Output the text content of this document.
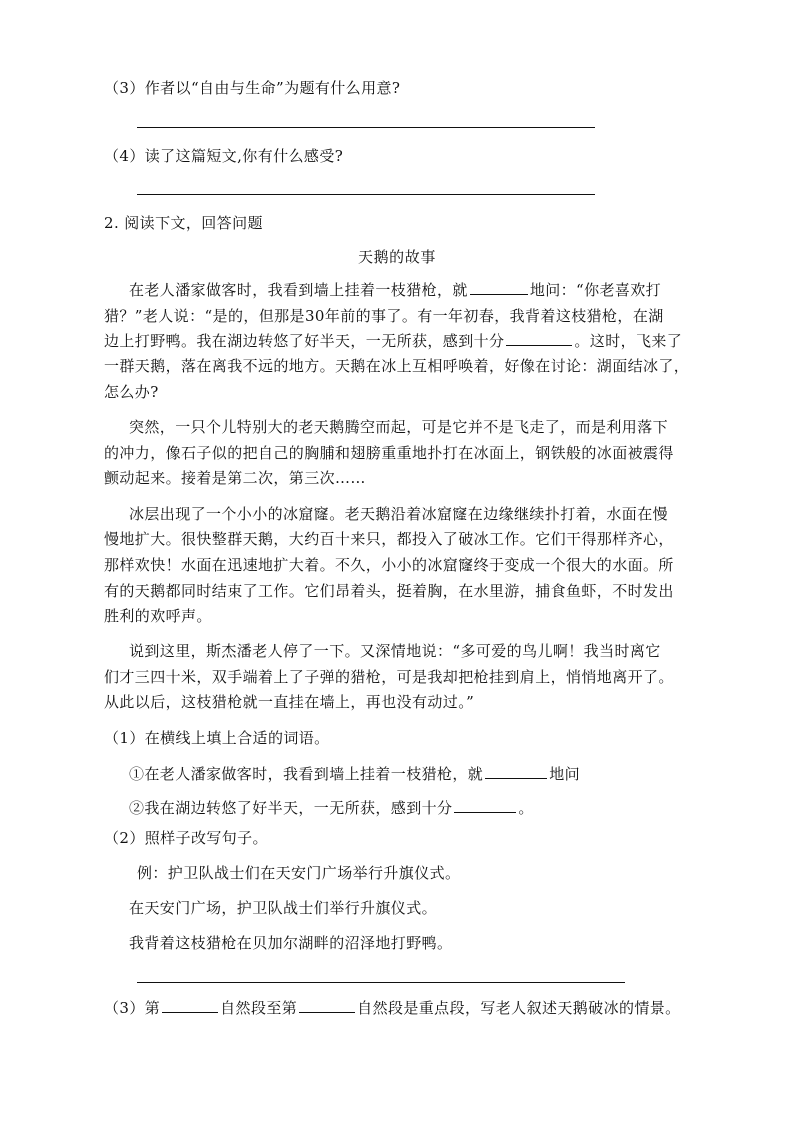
（3）作者以“自由与生命”为题有什么用意?
（4）读了这篇短文,你有什么感受?
2. 阅读下文，回答问题
天鹅的故事
在老人潘家做客时，我看到墙上挂着一枝猎枪，就	地问：“你老喜欢打
猎？”老人说：“是的，但那是30年前的事了。有一年初春，我背着这枝猎枪，在湖
边上打野鸭。我在湖边转悠了好半天，一无所获，感到十分	。这时，飞来了
一群天鹅，落在离我不远的地方。天鹅在冰上互相呼唤着，好像在讨论：湖面结冰了，
怎么办?
突然，一只个儿特别大的老天鹅腾空而起，可是它并不是飞走了，而是利用落下
的冲力，像石子似的把自己的胸脯和翅膀重重地扑打在冰面上，钢铁般的冰面被震得
颤动起来。接着是第二次，第三次……
冰层出现了一个小小的冰窟窿。老天鹅沿着冰窟窿在边缘继续扑打着，水面在慢
慢地扩大。很快整群天鹅，大约百十来只，都投入了破冰工作。它们干得那样齐心，
那样欢快！水面在迅速地扩大着。不久，小小的冰窟窿终于变成一个很大的水面。所
有的天鹅都同时结束了工作。它们昂着头，挺着胸，在水里游，捕食鱼虾，不时发出
胜利的欢呼声。
说到这里，斯杰潘老人停了一下。又深情地说：“多可爱的鸟儿啊！我当时离它
们才三四十米，双手端着上了子弹的猎枪，可是我却把枪挂到肩上，悄悄地离开了。
从此以后，这枝猎枪就一直挂在墙上，再也没有动过。”
（1）在横线上填上合适的词语。
①在老人潘家做客时，我看到墙上挂着一枝猎枪，就	地问
②我在湖边转悠了好半天，一无所获，感到十分	。
（2）照样子改写句子。
例：护卫队战士们在天安门广场举行升旗仪式。
在天安门广场，护卫队战士们举行升旗仪式。
我背着这枝猎枪在贝加尔湖畔的沼泽地打野鸭。
（3）第	自然段至第	自然段是重点段，写老人叙述天鹅破冰的情景。
